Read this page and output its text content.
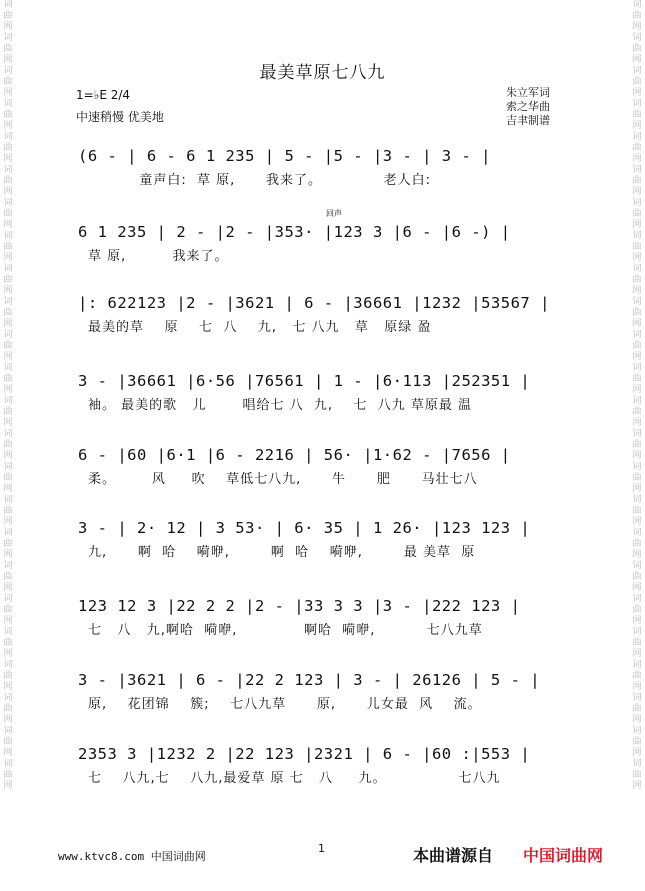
词曲网词曲网词曲网词曲网词曲网词曲网词曲网词曲网词曲网词曲网词曲网词曲网词曲网词曲网词曲网词曲网词曲网词曲网词曲网词曲网词曲网词曲网词曲网词曲网
词曲网词曲网词曲网词曲网词曲网词曲网词曲网词曲网词曲网词曲网词曲网词曲网词曲网词曲网词曲网词曲网词曲网词曲网词曲网词曲网词曲网词曲网词曲网词曲网
最美草原七八九
1=♭E 2/4
中速稍慢 优美地
朱立军词
索之华曲
吉聿制谱
(6 - | 6 - 6 1 235 | 5 - |5 - |3 - | 3 - |
童声白:  草 原,      我来了。            老人白:
回声
6 1 235 | 2 - |2 - |353· |123 3 |6 - |6 -) |
草 原,         我来了。
|: 622123 |2 - |3621 | 6 - |36661 |1232 |53567 |
最美的草    原    七  八    九,   七 八九   草   原绿 盈
3 - |36661 |6·56 |76561 | 1 - |6·113 |252351 |
袖。 最美的歌   儿       唱给七 八  九,    七  八九 草原最 温
6 - |60 |6·1 |6 - 2216 | 56· |1·62 - |7656 |
柔。       风     吹    草低七八九,      牛      肥      马壮七八
3 - | 2· 12 | 3 53· | 6· 35 | 1 26· |123 123 |
九,      啊  哈    嗬咿,        啊  哈    嗬咿,        最 美草  原
123 12 3 |22 2 2 |2 - |33 3 3 |3 - |222 123 |
七   八   九,啊哈  嗬咿,             啊哈  嗬咿,          七八九草
3 - |3621 | 6 - |22 2 123 | 3 - | 26126 | 5 - |
原,    花团锦    簇;    七八九草      原,      儿女最  风    流。
2353 3 |1232 2 |22 123 |2321 | 6 - |60 :|553 |
七    八九,七    八九,最爱草 原 七   八     九。              七八九
1
www.ktvc8.com 中国词曲网	本曲谱源自 中国词曲网
